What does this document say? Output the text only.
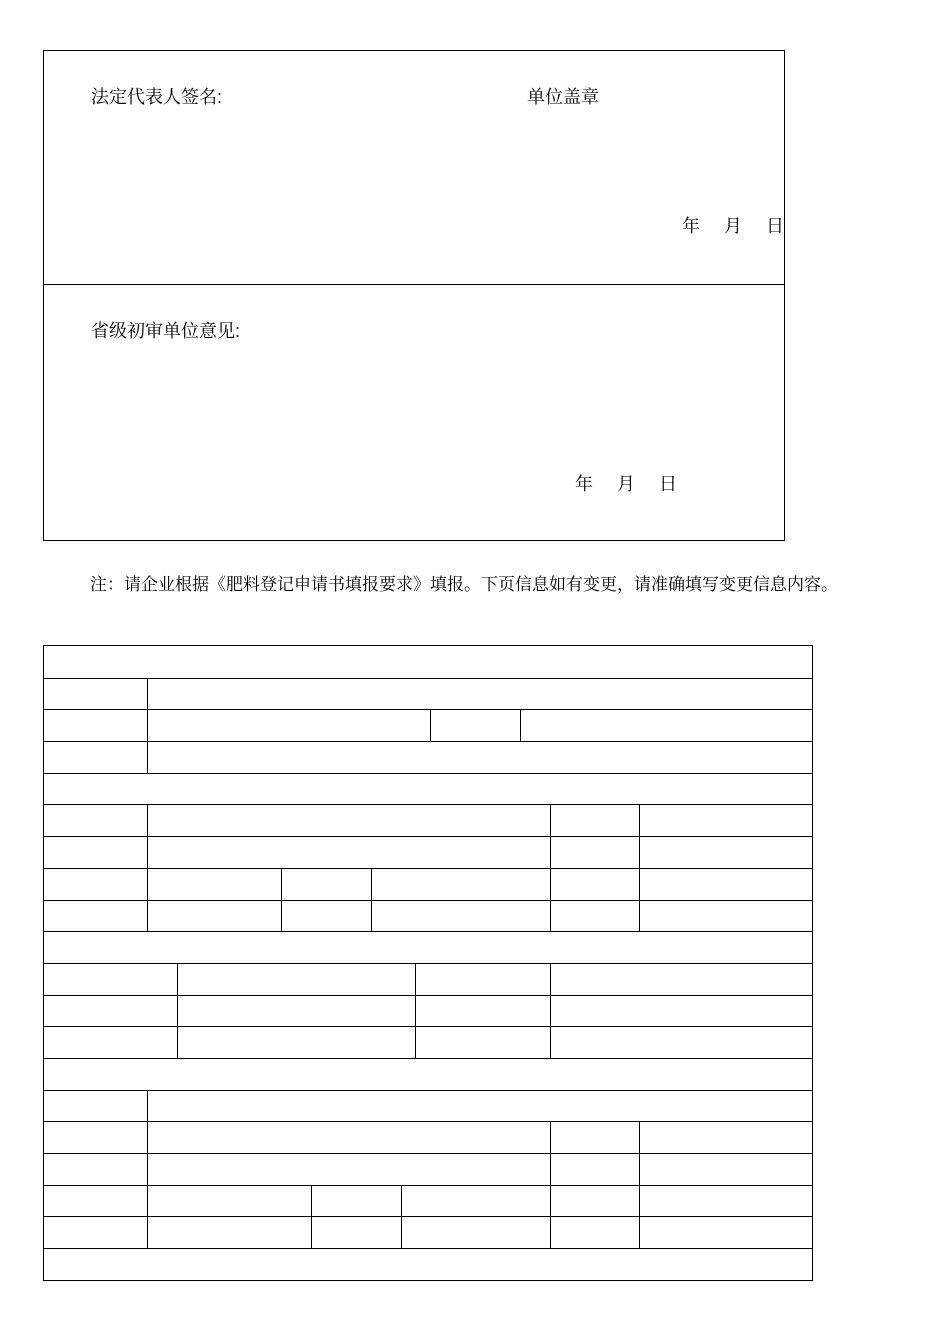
法定代表人签名:	单位盖章
年 月 日
省级初审单位意见:
年 月 日
注：请企业根据《肥料登记申请书填报要求》填报。下页信息如有变更，请准确填写变更信息内容。
